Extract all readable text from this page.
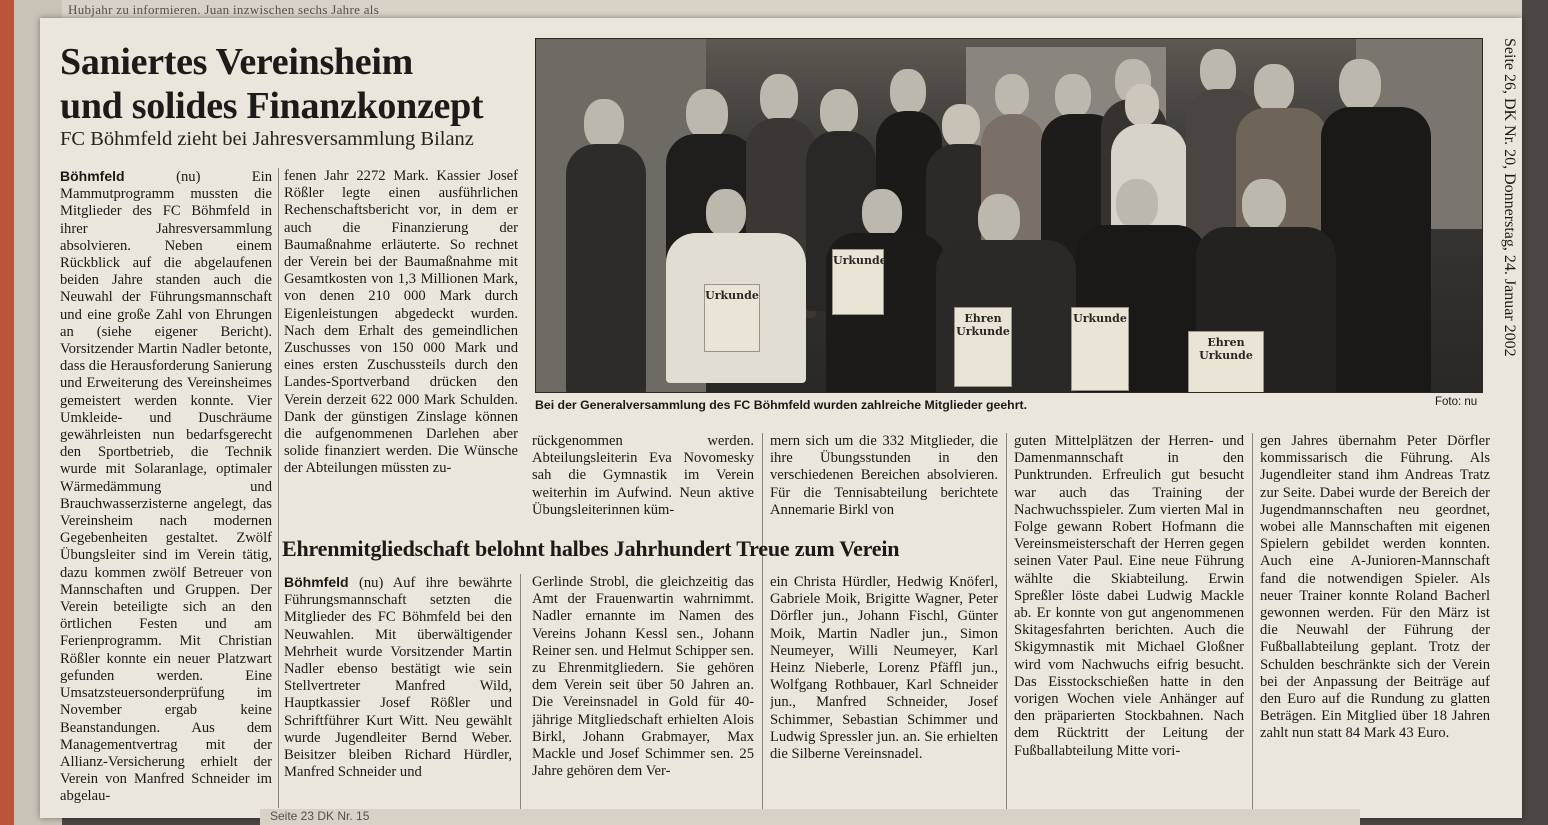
Hubjahr zu informieren. Juan inzwischen sechs Jahre als
Saniertes Vereinsheim
und solides Finanzkonzept
FC Böhmfeld zieht bei Jahresversammlung Bilanz
Böhmfeld (nu) Ein Mammutprogramm mussten die Mitglieder des FC Böhmfeld in ihrer Jahresversammlung absolvieren. Neben einem Rückblick auf die abgelaufenen beiden Jahre standen auch die Neuwahl der Führungsmannschaft und eine große Zahl von Ehrungen an (siehe eigener Bericht). Vorsitzender Martin Nadler betonte, dass die Herausforderung Sanierung und Erweiterung des Vereinsheimes gemeistert werden konnte. Vier Umkleide- und Duschräume gewährleisten nun bedarfsgerecht den Sportbetrieb, die Technik wurde mit Solaranlage, optimaler Wärmedämmung und Brauchwasserzisterne angelegt, das Vereinsheim nach modernen Gegebenheiten gestaltet. Zwölf Übungsleiter sind im Verein tätig, dazu kommen zwölf Betreuer von Mannschaften und Gruppen. Der Verein beteiligte sich an den örtlichen Festen und am Ferienprogramm. Mit Christian Rößler konnte ein neuer Platzwart gefunden werden. Eine Umsatzsteuersonderprüfung im November ergab keine Beanstandungen. Aus dem Managementvertrag mit der Allianz-Versicherung erhielt der Verein von Manfred Schneider im abgelau-
fenen Jahr 2272 Mark. Kassier Josef Rößler legte einen ausführlichen Rechenschaftsbericht vor, in dem er auch die Finanzierung der Baumaßnahme erläuterte. So rechnet der Verein bei der Baumaßnahme mit Gesamtkosten von 1,3 Millionen Mark, von denen 210 000 Mark durch Eigenleistungen abgedeckt wurden. Nach dem Erhalt des gemeindlichen Zuschusses von 150 000 Mark und eines ersten Zuschussteils durch den Landes-Sportverband drücken den Verein derzeit 622 000 Mark Schulden. Dank der günstigen Zinslage können die aufgenommenen Darlehen aber solide finanziert werden. Die Wünsche der Abteilungen müssten zu-
Urkunde
Urkunde
Ehren Urkunde
Urkunde
Ehren Urkunde
Bei der Generalversammlung des FC Böhmfeld wurden zahlreiche Mitglieder geehrt.	Foto: nu
Seite 26, DK Nr. 20, Donnerstag, 24. Januar 2002
rückgenommen werden. Abteilungsleiterin Eva Novomesky sah die Gymnastik im Verein weiterhin im Aufwind. Neun aktive Übungsleiterinnen küm-
mern sich um die 332 Mitglieder, die ihre Übungsstunden in den verschiedenen Bereichen absolvieren. Für die Tennisabteilung berichtete Annemarie Birkl von
guten Mittelplätzen der Herren- und Damenmannschaft in den Punktrunden. Erfreulich gut besucht war auch das Training der Nachwuchsspieler. Zum vierten Mal in Folge gewann Robert Hofmann die Vereinsmeisterschaft der Herren gegen seinen Vater Paul. Eine neue Führung wählte die Skiabteilung. Erwin Spreßler löste dabei Ludwig Mackle ab. Er konnte von gut angenommenen Skitagesfahrten berichten. Auch die Skigymnastik mit Michael Gloßner wird vom Nachwuchs eifrig besucht. Das Eisstockschießen hatte in den vorigen Wochen viele Anhänger auf den präparierten Stockbahnen. Nach dem Rücktritt der Leitung der Fußballabteilung Mitte vori-
gen Jahres übernahm Peter Dörfler kommissarisch die Führung. Als Jugendleiter stand ihm Andreas Tratz zur Seite. Dabei wurde der Bereich der Jugendmannschaften neu geordnet, wobei alle Mannschaften mit eigenen Spielern gebildet werden konnten. Auch eine A-Junioren-Mannschaft fand die notwendigen Spieler. Als neuer Trainer konnte Roland Bacherl gewonnen werden. Für den März ist die Neuwahl der Führung der Fußballabteilung geplant. Trotz der Schulden beschränkte sich der Verein bei der Anpassung der Beiträge auf den Euro auf die Rundung zu glatten Beträgen. Ein Mitglied über 18 Jahren zahlt nun statt 84 Mark 43 Euro.
Ehrenmitgliedschaft belohnt halbes Jahrhundert Treue zum Verein
Böhmfeld (nu) Auf ihre bewährte Führungsmannschaft setzten die Mitglieder des FC Böhmfeld bei den Neuwahlen. Mit überwältigender Mehrheit wurde Vorsitzender Martin Nadler ebenso bestätigt wie sein Stellvertreter Manfred Wild, Hauptkassier Josef Rößler und Schriftführer Kurt Witt. Neu gewählt wurde Jugendleiter Bernd Weber. Beisitzer bleiben Richard Hürdler, Manfred Schneider und
Gerlinde Strobl, die gleichzeitig das Amt der Frauenwartin wahrnimmt. Nadler ernannte im Namen des Vereins Johann Kessl sen., Johann Reiner sen. und Helmut Schipper sen. zu Ehrenmitgliedern. Sie gehören dem Verein seit über 50 Jahren an. Die Vereinsnadel in Gold für 40-jährige Mitgliedschaft erhielten Alois Birkl, Johann Grabmayer, Max Mackle und Josef Schimmer sen. 25 Jahre gehören dem Ver-
ein Christa Hürdler, Hedwig Knöferl, Gabriele Moik, Brigitte Wagner, Peter Dörfler jun., Johann Fischl, Günter Moik, Martin Nadler jun., Simon Neumeyer, Willi Neumeyer, Karl Heinz Nieberle, Lorenz Pfäffl jun., Wolfgang Rothbauer, Karl Schneider jun., Manfred Schneider, Josef Schimmer, Sebastian Schimmer und Ludwig Spressler jun. an. Sie erhielten die Silberne Vereinsnadel.
Seite 23 DK Nr. 15
